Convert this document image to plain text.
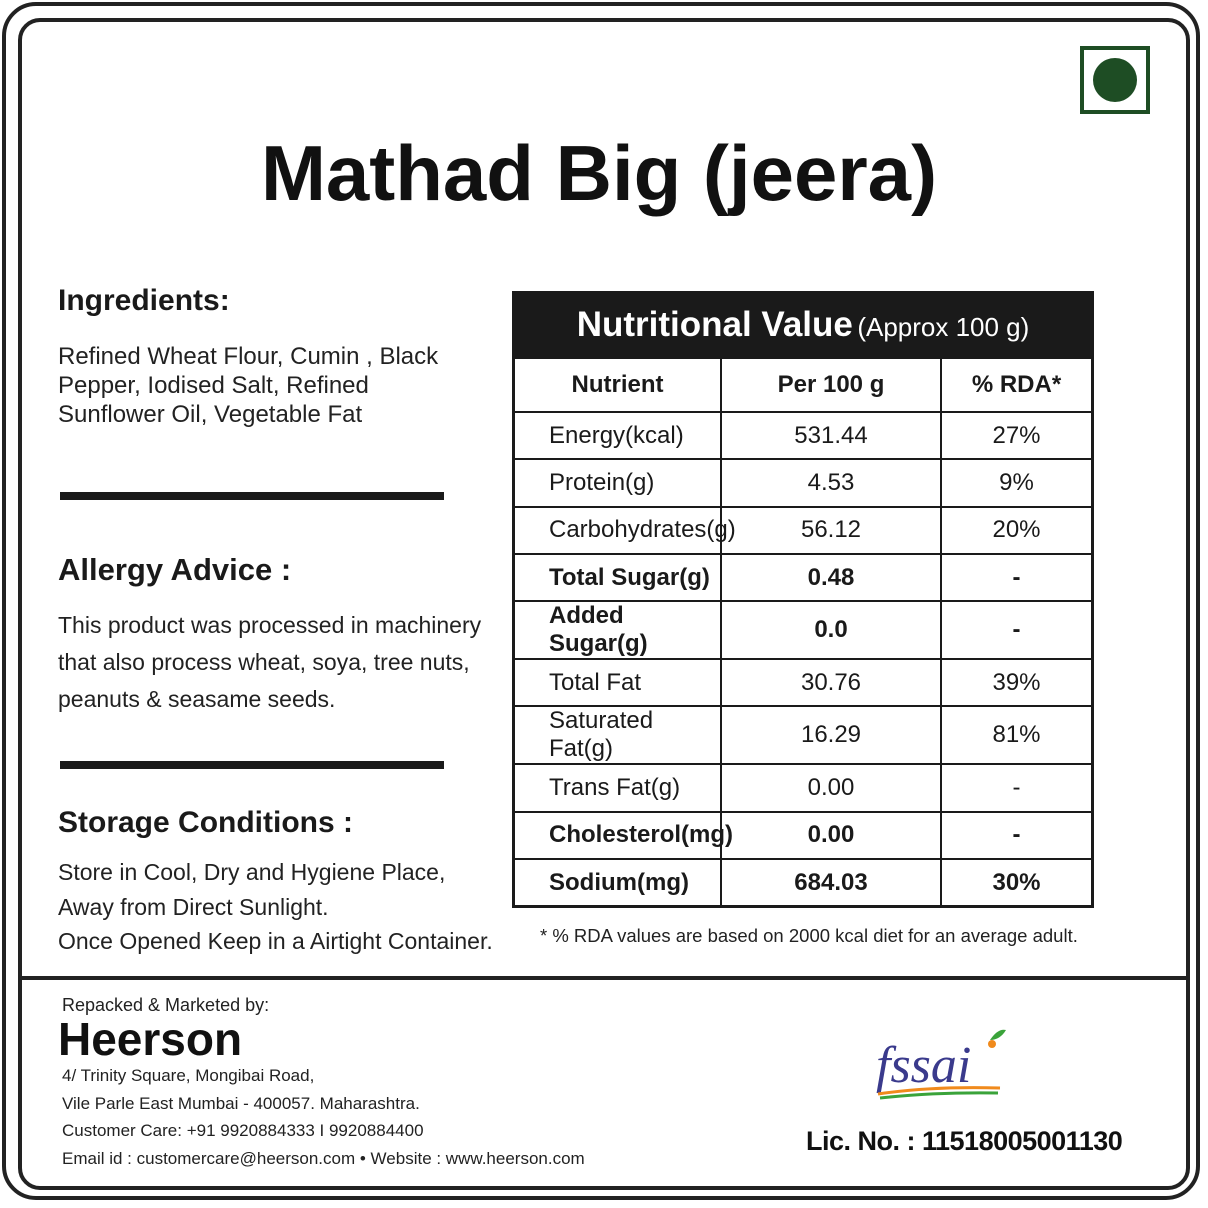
Mathad Big (jeera)
Ingredients:
Refined Wheat Flour, Cumin , Black
Pepper, Iodised Salt, Refined
Sunflower Oil, Vegetable Fat
Allergy Advice :
This product was processed in machinery
that also process wheat, soya, tree nuts,
peanuts & seasame seeds.
Storage Conditions :
Store in Cool, Dry and Hygiene Place,
Away from Direct Sunlight.
Once Opened Keep in a Airtight Container.
Nutritional Value (Approx 100 g)
Nutrient	Per 100 g	% RDA*
Energy(kcal)	531.44	27%
Protein(g)	4.53	9%
Carbohydrates(g)	56.12	20%
Total Sugar(g)	0.48	-
Added Sugar(g)	0.0	-
Total Fat	30.76	39%
Saturated Fat(g)	16.29	81%
Trans Fat(g)	0.00	-
Cholesterol(mg)	0.00	-
Sodium(mg)	684.03	30%
* % RDA values are based on 2000 kcal diet for an average adult.
Repacked & Marketed by:
Heerson
4/ Trinity Square, Mongibai Road,
Vile Parle East Mumbai - 400057. Maharashtra.
Customer Care: +91 9920884333 I 9920884400
Email id : customercare@heerson.com • Website : www.heerson.com
fssai
Lic. No. : 11518005001130
